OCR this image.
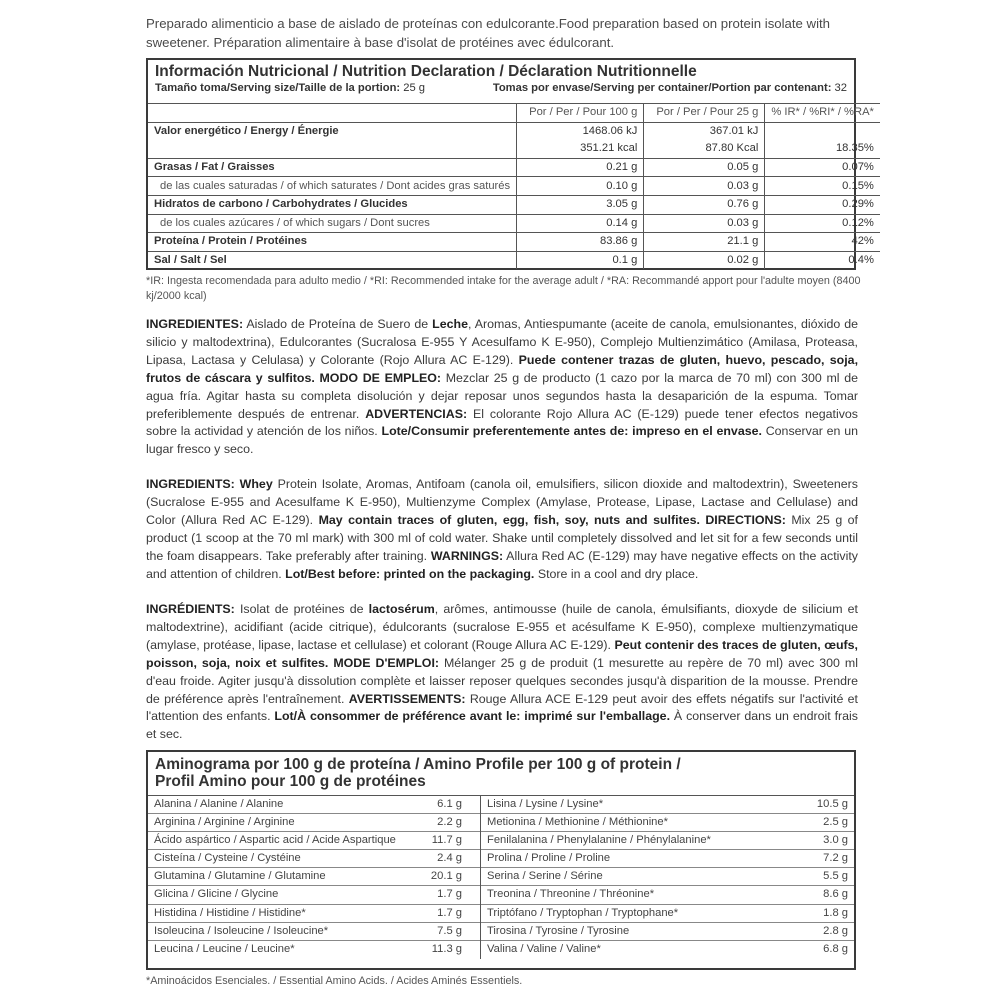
Preparado alimenticio a base de aislado de proteínas con edulcorante.Food preparation based on protein isolate with sweetener. Préparation alimentaire à base d'isolat de protéines avec édulcorant.
Información Nutricional / Nutrition Declaration / Déclaration Nutritionnelle
Tamaño toma/Serving size/Taille de la portion: 25 g	Tomas por envase/Serving per container/Portion par contenant: 32
	Por / Per / Pour 100 g	Por / Per / Pour 25 g	% IR* / %RI* / %RA*
Valor energético / Energy / Énergie	1468.06 kJ	367.01 kJ	
	351.21 kcal	87.80 Kcal	18.35%
Grasas / Fat / Graisses	0.21 g	0.05 g	0.07%
de las cuales saturadas / of which saturates / Dont acides gras saturés	0.10 g	0.03 g	0.15%
Hidratos de carbono / Carbohydrates / Glucides	3.05 g	0.76 g	0.29%
de los cuales azúcares / of which sugars / Dont sucres	0.14 g	0.03 g	0.12%
Proteína / Protein / Protéines	83.86 g	21.1 g	42%
Sal / Salt / Sel	0.1 g	0.02 g	0.4%
*IR: Ingesta recomendada para adulto medio / *RI: Recommended intake for the average adult / *RA: Recommandé apport pour l'adulte moyen (8400 kj/2000 kcal)
INGREDIENTES: Aislado de Proteína de Suero de Leche, Aromas, Antiespumante (aceite de canola, emulsionantes, dióxido de silicio y maltodextrina), Edulcorantes (Sucralosa E-955 Y Acesulfamo K E-950), Complejo Multienzimático (Amilasa, Proteasa, Lipasa, Lactasa y Celulasa) y Colorante (Rojo Allura AC E-129). Puede contener trazas de gluten, huevo, pescado, soja, frutos de cáscara y sulfitos. MODO DE EMPLEO: Mezclar 25 g de producto (1 cazo por la marca de 70 ml) con 300 ml de agua fría. Agitar hasta su completa disolución y dejar reposar unos segundos hasta la desaparición de la espuma. Tomar preferiblemente después de entrenar. ADVERTENCIAS: El colorante Rojo Allura AC (E-129) puede tener efectos negativos sobre la actividad y atención de los niños. Lote/Consumir preferentemente antes de: impreso en el envase. Conservar en un lugar fresco y seco.
INGREDIENTS: Whey Protein Isolate, Aromas, Antifoam (canola oil, emulsifiers, silicon dioxide and maltodextrin), Sweeteners (Sucralose E-955 and Acesulfame K E-950), Multienzyme Complex (Amylase, Protease, Lipase, Lactase and Cellulase) and Color (Allura Red AC E-129). May contain traces of gluten, egg, fish, soy, nuts and sulfites. DIRECTIONS: Mix 25 g of product (1 scoop at the 70 ml mark) with 300 ml of cold water. Shake until completely dissolved and let sit for a few seconds until the foam disappears. Take preferably after training. WARNINGS: Allura Red AC (E-129) may have negative effects on the activity and attention of children. Lot/Best before: printed on the packaging. Store in a cool and dry place.
INGRÉDIENTS: Isolat de protéines de lactosérum, arômes, antimousse (huile de canola, émulsifiants, dioxyde de silicium et maltodextrine), acidifiant (acide citrique), édulcorants (sucralose E-955 et acésulfame K E-950), complexe multienzymatique (amylase, protéase, lipase, lactase et cellulase) et colorant (Rouge Allura AC E-129). Peut contenir des traces de gluten, œufs, poisson, soja, noix et sulfites. MODE D'EMPLOI: Mélanger 25 g de produit (1 mesurette au repère de 70 ml) avec 300 ml d'eau froide. Agiter jusqu'à dissolution complète et laisser reposer quelques secondes jusqu'à disparition de la mousse. Prendre de préférence après l'entraînement. AVERTISSEMENTS: Rouge Allura ACE E-129 peut avoir des effets négatifs sur l'activité et l'attention des enfants. Lot/À consommer de préférence avant le: imprimé sur l'emballage. À conserver dans un endroit frais et sec.
Aminograma por 100 g de proteína / Amino Profile per 100 g of protein /
Profil Amino pour 100 g de protéines
Alanina / Alanine / Alanine	6.1 g
Arginina / Arginine / Arginine	2.2 g
Ácido aspártico / Aspartic acid / Acide Aspartique	11.7 g
Cisteína / Cysteine / Cystéine	2.4 g
Glutamina / Glutamine / Glutamine	20.1 g
Glicina / Glicine / Glycine	1.7 g
Histidina / Histidine / Histidine*	1.7 g
Isoleucina / Isoleucine / Isoleucine*	7.5 g
Leucina / Leucine / Leucine*	11.3 g
Lisina / Lysine / Lysine*	10.5 g
Metionina / Methionine / Méthionine*	2.5 g
Fenilalanina / Phenylalanine / Phénylalanine*	3.0 g
Prolina / Proline / Proline	7.2 g
Serina / Serine / Sérine	5.5 g
Treonina / Threonine / Thréonine*	8.6 g
Triptófano / Tryptophan / Tryptophane*	1.8 g
Tirosina / Tyrosine / Tyrosine	2.8 g
Valina / Valine / Valine*	6.8 g
*Aminoácidos Esenciales. / Essential Amino Acids. / Acides Aminés Essentiels.
